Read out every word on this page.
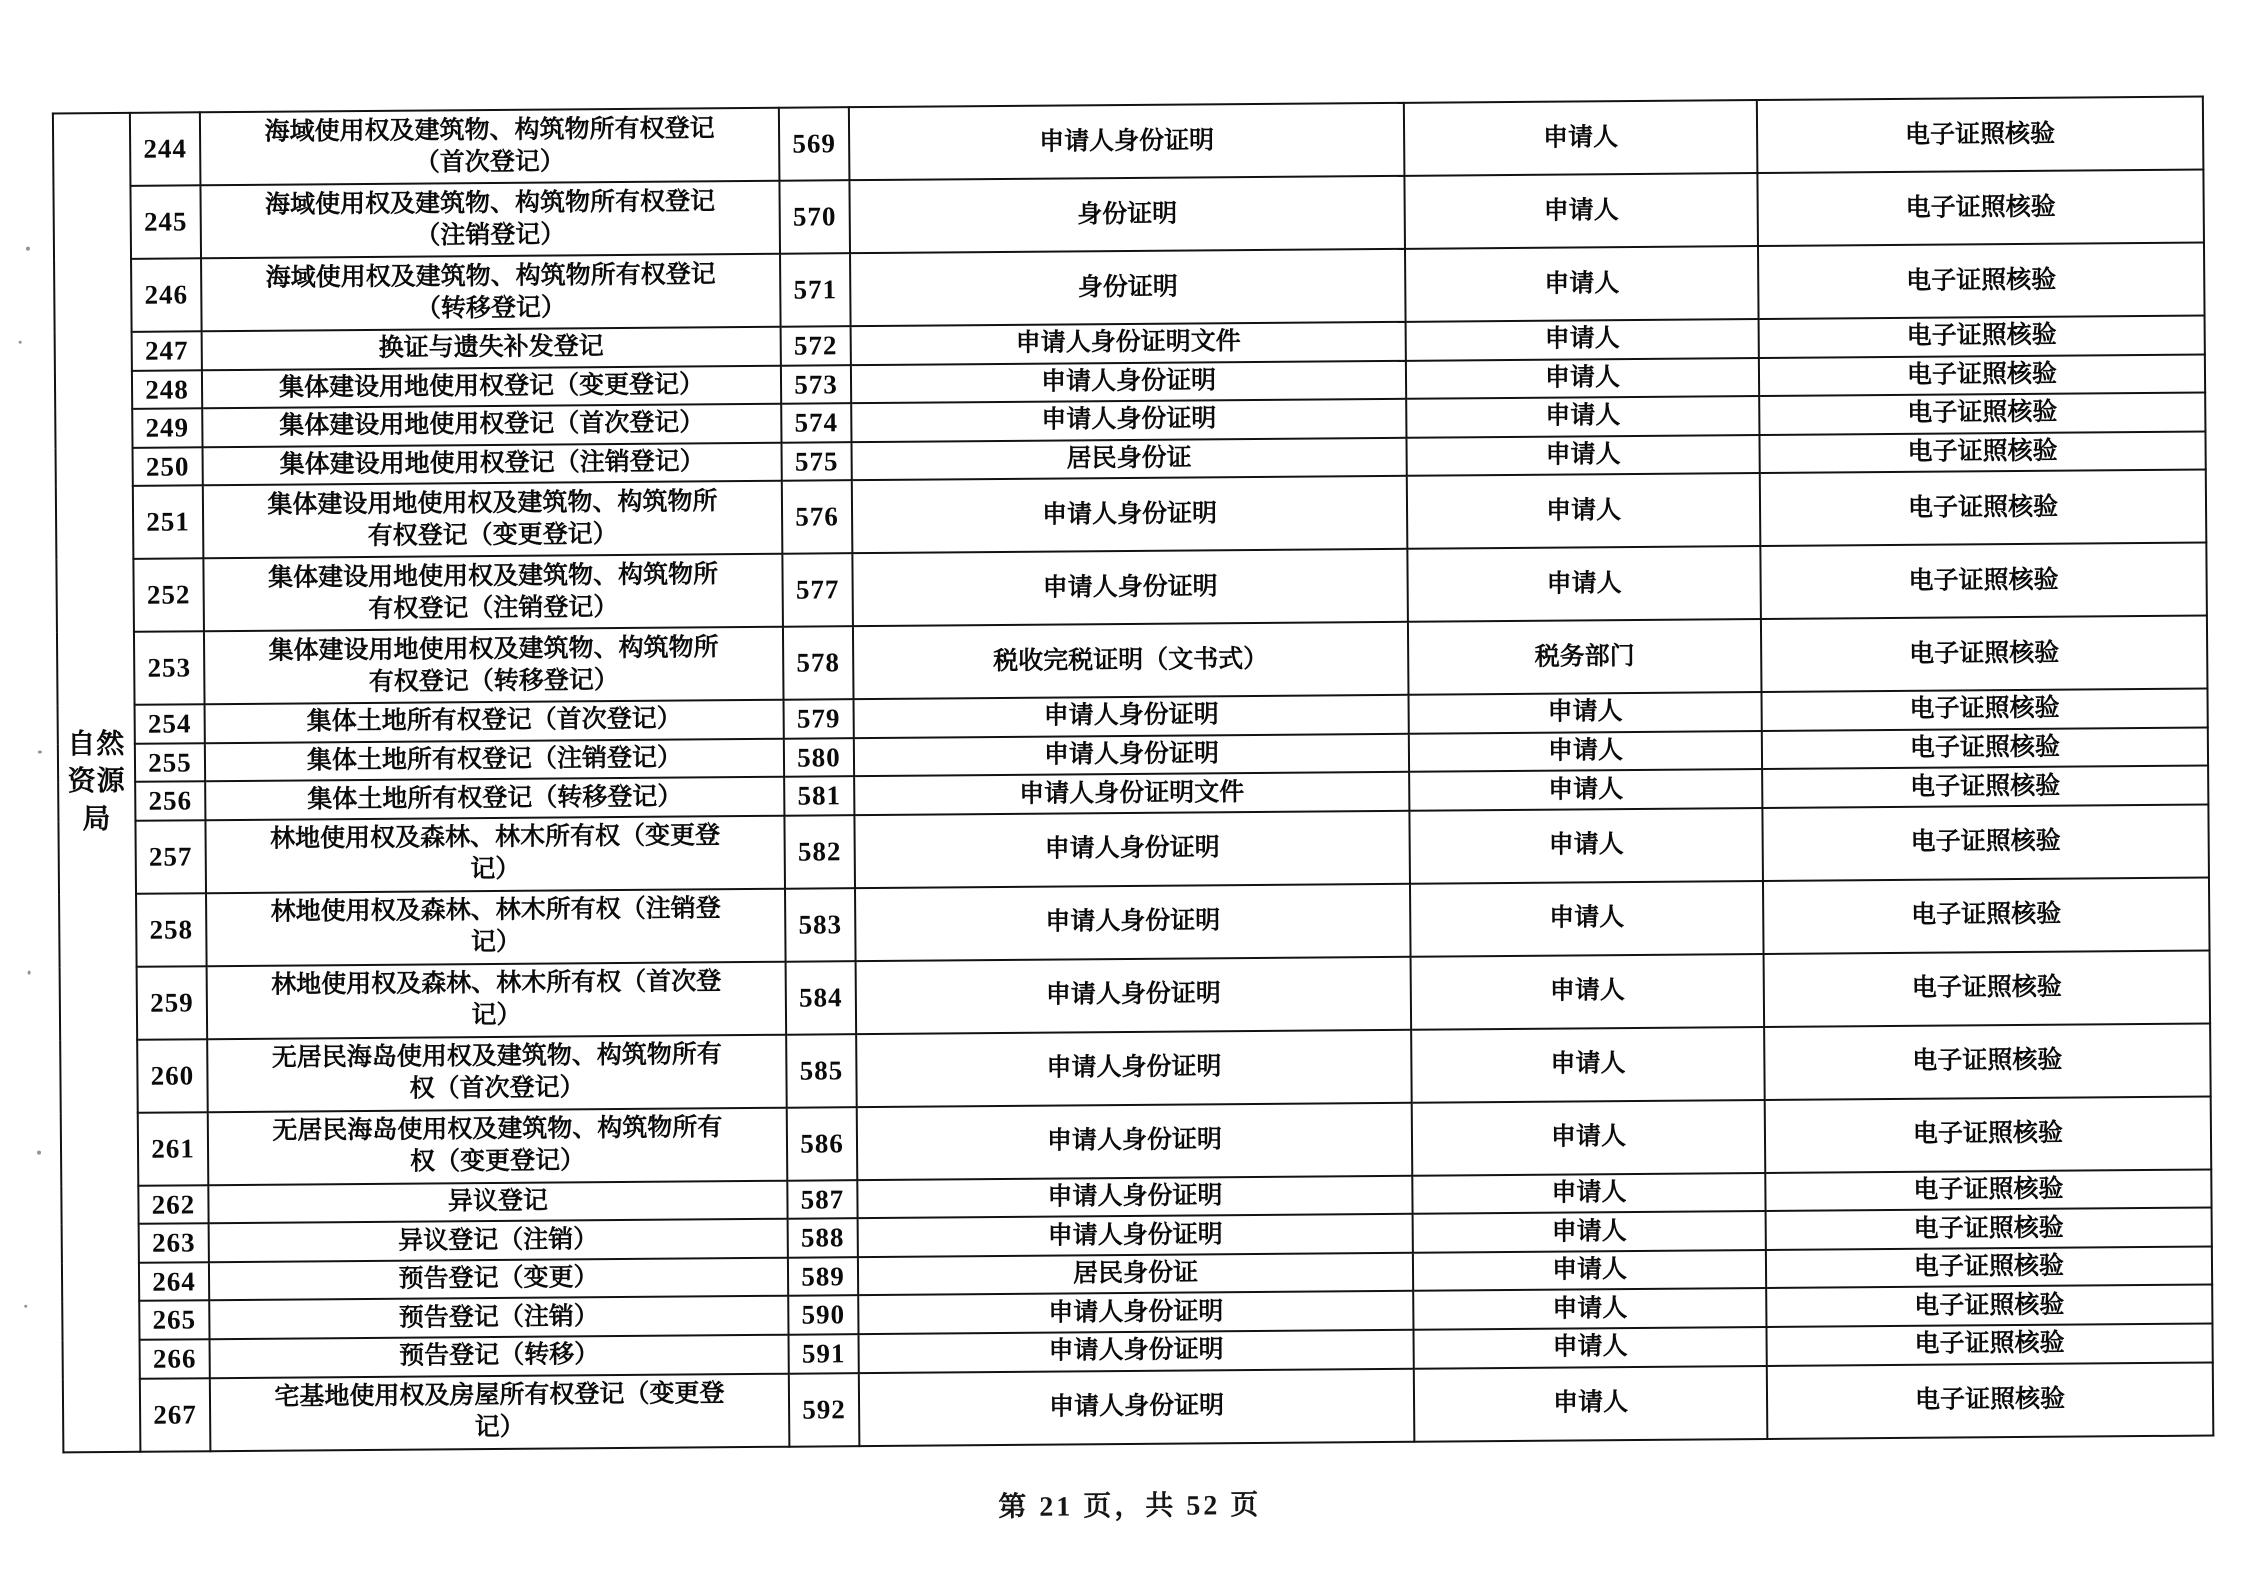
自然
资源
局	244	海域使用权及建筑物、构筑物所有权登记
（首次登记）	569	申请人身份证明	申请人	电子证照核验
	245	海域使用权及建筑物、构筑物所有权登记
（注销登记）	570	身份证明	申请人	电子证照核验
	246	海域使用权及建筑物、构筑物所有权登记
（转移登记）	571	身份证明	申请人	电子证照核验
	247	换证与遗失补发登记	572	申请人身份证明文件	申请人	电子证照核验
	248	集体建设用地使用权登记（变更登记）	573	申请人身份证明	申请人	电子证照核验
	249	集体建设用地使用权登记（首次登记）	574	申请人身份证明	申请人	电子证照核验
	250	集体建设用地使用权登记（注销登记）	575	居民身份证	申请人	电子证照核验
	251	集体建设用地使用权及建筑物、构筑物所
有权登记（变更登记）	576	申请人身份证明	申请人	电子证照核验
	252	集体建设用地使用权及建筑物、构筑物所
有权登记（注销登记）	577	申请人身份证明	申请人	电子证照核验
	253	集体建设用地使用权及建筑物、构筑物所
有权登记（转移登记）	578	税收完税证明（文书式）	税务部门	电子证照核验
	254	集体土地所有权登记（首次登记）	579	申请人身份证明	申请人	电子证照核验
	255	集体土地所有权登记（注销登记）	580	申请人身份证明	申请人	电子证照核验
	256	集体土地所有权登记（转移登记）	581	申请人身份证明文件	申请人	电子证照核验
	257	林地使用权及森林、林木所有权（变更登
记）	582	申请人身份证明	申请人	电子证照核验
	258	林地使用权及森林、林木所有权（注销登
记）	583	申请人身份证明	申请人	电子证照核验
	259	林地使用权及森林、林木所有权（首次登
记）	584	申请人身份证明	申请人	电子证照核验
	260	无居民海岛使用权及建筑物、构筑物所有
权（首次登记）	585	申请人身份证明	申请人	电子证照核验
	261	无居民海岛使用权及建筑物、构筑物所有
权（变更登记）	586	申请人身份证明	申请人	电子证照核验
	262	异议登记	587	申请人身份证明	申请人	电子证照核验
	263	异议登记（注销）	588	申请人身份证明	申请人	电子证照核验
	264	预告登记（变更）	589	居民身份证	申请人	电子证照核验
	265	预告登记（注销）	590	申请人身份证明	申请人	电子证照核验
	266	预告登记（转移）	591	申请人身份证明	申请人	电子证照核验
	267	宅基地使用权及房屋所有权登记（变更登
记）	592	申请人身份证明	申请人	电子证照核验
第 21 页，共 52 页
